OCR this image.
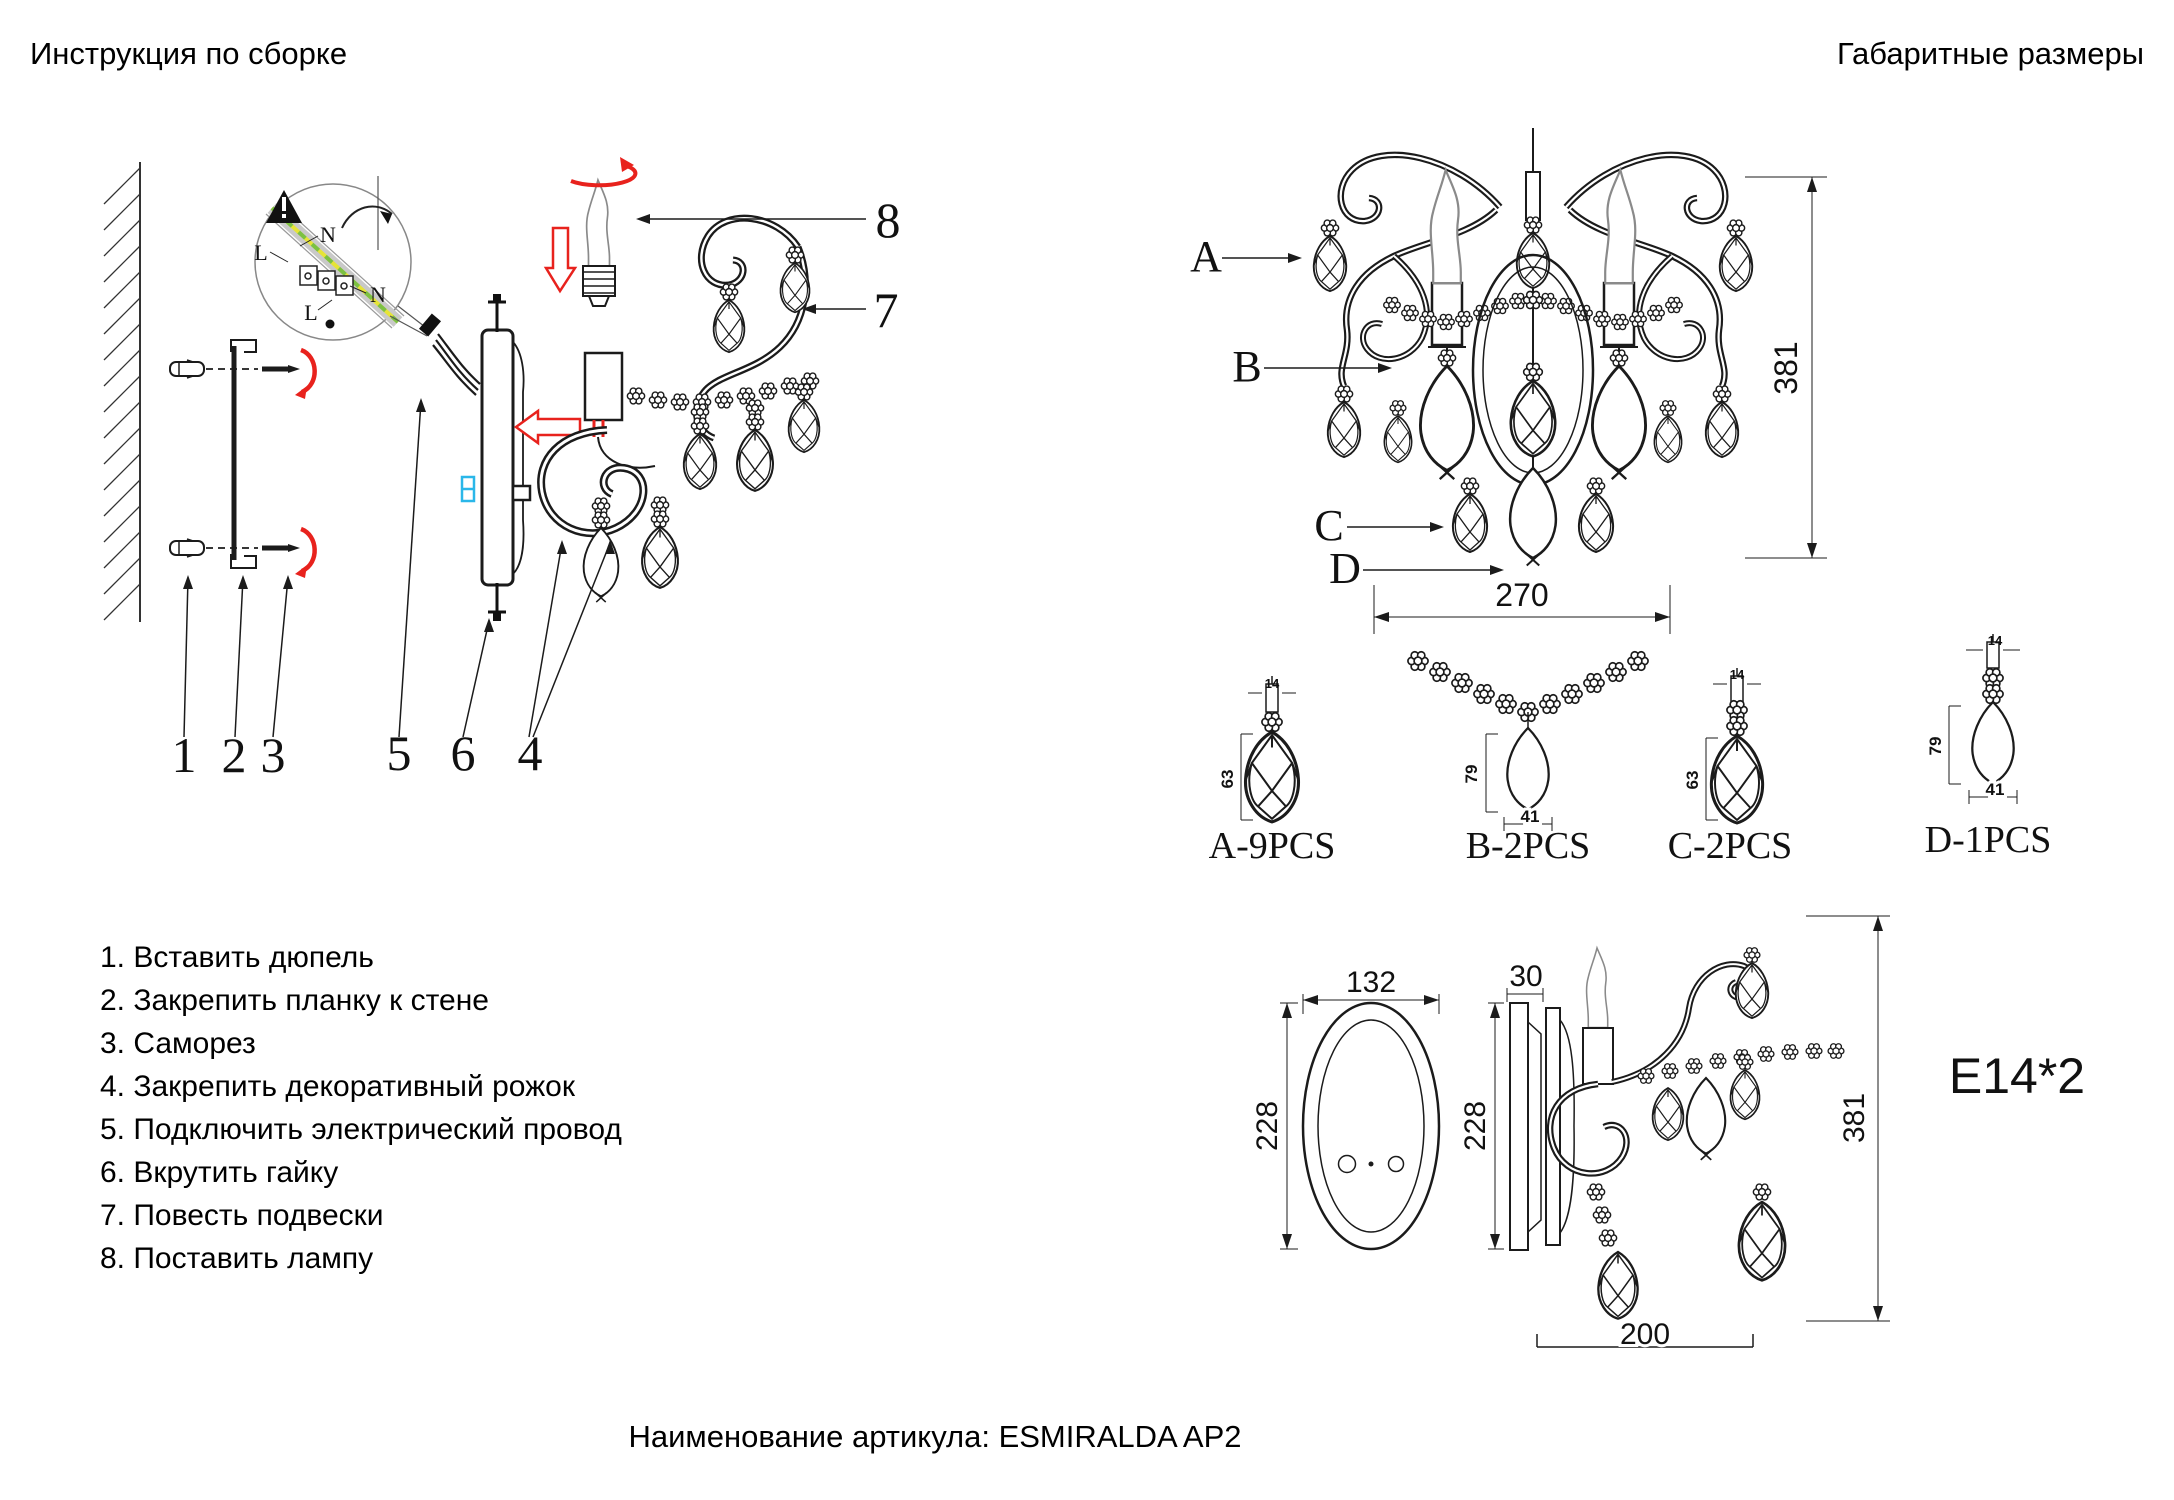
Инструкция по сборке	Габаритные размеры
N
L
N
L
1 2 3 5 6 4
8
7
1. Вставить дюпель
2. Закрепить планку к стене
3. Саморез
4. Закрепить декоративный рожок
5. Подключить электрический провод
6. Вкрутить гайку
7. Повесть подвески
8. Поставить лампу
A
B
C
D
381
270
14
63
A-9PCS
79
41
B-2PCS
14
63
C-2PCS
14
79
41
D-1PCS
132
228
30
228	381
200
E14*2
Наименование артикула: ESMIRALDA AP2
